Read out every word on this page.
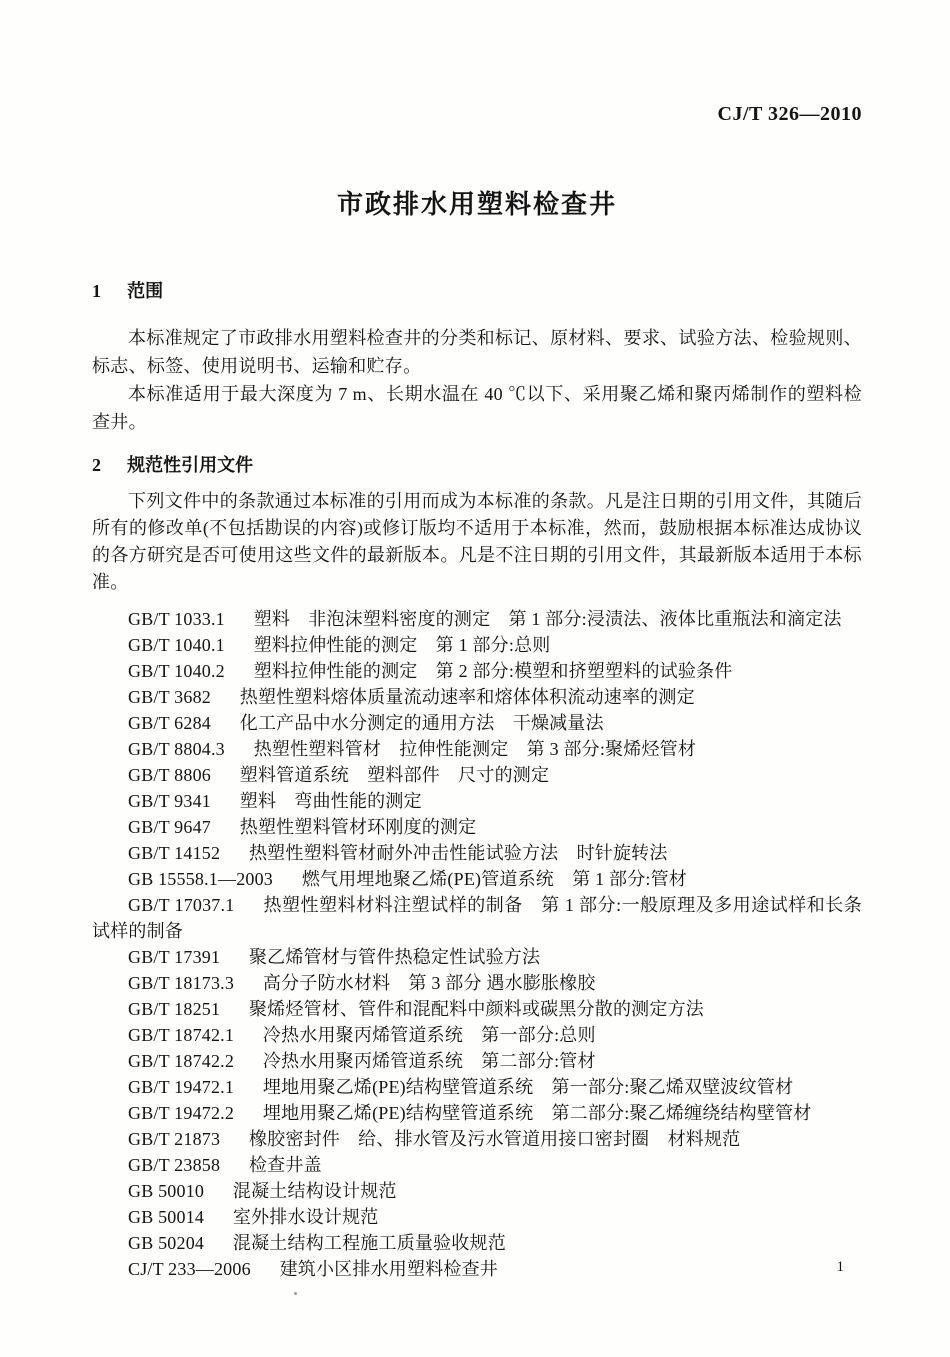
CJ/T 326—2010
市政排水用塑料检查井
1 范围

本标准规定了市政排水用塑料检查井的分类和标记、原材料、要求、试验方法、检验规则、标志、标签、使用说明书、运输和贮存。

本标准适用于最大深度为 7 m、长期水温在 40 ℃以下、采用聚乙烯和聚丙烯制作的塑料检查井。

2 规范性引用文件

下列文件中的条款通过本标准的引用而成为本标准的条款。凡是注日期的引用文件，其随后所有的修改单(不包括勘误的内容)或修订版均不适用于本标准，然而，鼓励根据本标准达成协议的各方研究是否可使用这些文件的最新版本。凡是不注日期的引用文件，其最新版本适用于本标准。

GB/T 1033.1 塑料　非泡沫塑料密度的测定　第 1 部分:浸渍法、液体比重瓶法和滴定法

GB/T 1040.1 塑料拉伸性能的测定　第 1 部分:总则

GB/T 1040.2 塑料拉伸性能的测定　第 2 部分:模塑和挤塑塑料的试验条件

GB/T 3682 热塑性塑料熔体质量流动速率和熔体体积流动速率的测定

GB/T 6284 化工产品中水分测定的通用方法　干燥减量法

GB/T 8804.3 热塑性塑料管材　拉伸性能测定　第 3 部分:聚烯烃管材

GB/T 8806 塑料管道系统　塑料部件　尺寸的测定

GB/T 9341 塑料　弯曲性能的测定

GB/T 9647 热塑性塑料管材环刚度的测定

GB/T 14152 热塑性塑料管材耐外冲击性能试验方法　时针旋转法

GB 15558.1—2003 燃气用埋地聚乙烯(PE)管道系统　第 1 部分:管材

GB/T 17037.1 热塑性塑料材料注塑试样的制备　第 1 部分:一般原理及多用途试样和长条试样的制备

GB/T 17391 聚乙烯管材与管件热稳定性试验方法

GB/T 18173.3 高分子防水材料　第 3 部分 遇水膨胀橡胶

GB/T 18251 聚烯烃管材、管件和混配料中颜料或碳黑分散的测定方法

GB/T 18742.1 冷热水用聚丙烯管道系统　第一部分:总则

GB/T 18742.2 冷热水用聚丙烯管道系统　第二部分:管材

GB/T 19472.1 埋地用聚乙烯(PE)结构壁管道系统　第一部分:聚乙烯双壁波纹管材

GB/T 19472.2 埋地用聚乙烯(PE)结构壁管道系统　第二部分:聚乙烯缠绕结构壁管材

GB/T 21873 橡胶密封件　给、排水管及污水管道用接口密封圈　材料规范

GB/T 23858 检查井盖

GB 50010 混凝土结构设计规范

GB 50014 室外排水设计规范

GB 50204 混凝土结构工程施工质量验收规范

CJ/T 233—2006 建筑小区排水用塑料检查井	1
